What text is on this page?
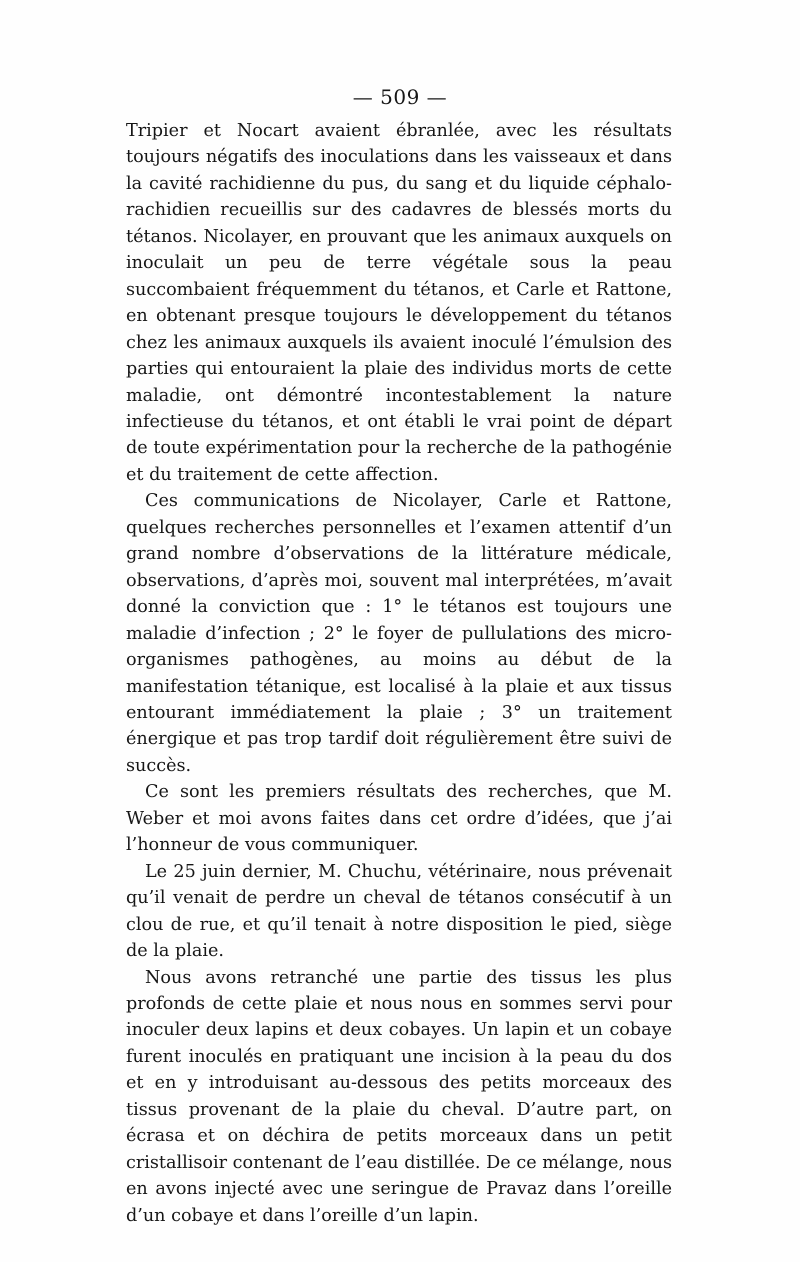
— 509 —

Tripier et Nocart avaient ébranlée, avec les résultats toujours négatifs des inoculations dans les vaisseaux et dans la cavité rachidienne du pus, du sang et du liquide céphalo-rachidien recueillis sur des cadavres de blessés morts du tétanos. Nicolayer, en prouvant que les animaux auxquels on inoculait un peu de terre végétale sous la peau succombaient fréquemment du tétanos, et Carle et Rattone, en obtenant presque toujours le développement du tétanos chez les animaux auxquels ils avaient inoculé l’émulsion des parties qui entouraient la plaie des individus morts de cette maladie, ont démontré incontestablement la nature infectieuse du tétanos, et ont établi le vrai point de départ de toute expérimentation pour la recherche de la pathogénie et du traitement de cette affection.

Ces communications de Nicolayer, Carle et Rattone, quelques recherches personnelles et l’examen attentif d’un grand nombre d’observations de la littérature médicale, observations, d’après moi, souvent mal interprétées, m’avait donné la conviction que : 1° le tétanos est toujours une maladie d’infection ; 2° le foyer de pullulations des micro-organismes pathogènes, au moins au début de la manifestation tétanique, est localisé à la plaie et aux tissus entourant immédiatement la plaie ; 3° un traitement énergique et pas trop tardif doit régulièrement être suivi de succès.

Ce sont les premiers résultats des recherches, que M. Weber et moi avons faites dans cet ordre d’idées, que j’ai l’honneur de vous communiquer.

Le 25 juin dernier, M. Chuchu, vétérinaire, nous prévenait qu’il venait de perdre un cheval de tétanos consécutif à un clou de rue, et qu’il tenait à notre disposition le pied, siège de la plaie.

Nous avons retranché une partie des tissus les plus profonds de cette plaie et nous nous en sommes servi pour inoculer deux lapins et deux cobayes. Un lapin et un cobaye furent inoculés en pratiquant une incision à la peau du dos et en y introduisant au-dessous des petits morceaux des tissus provenant de la plaie du cheval. D’autre part, on écrasa et on déchira de petits morceaux dans un petit cristallisoir contenant de l’eau distillée. De ce mélange, nous en avons injecté avec une seringue de Pravaz dans l’oreille d’un cobaye et dans l’oreille d’un lapin.
